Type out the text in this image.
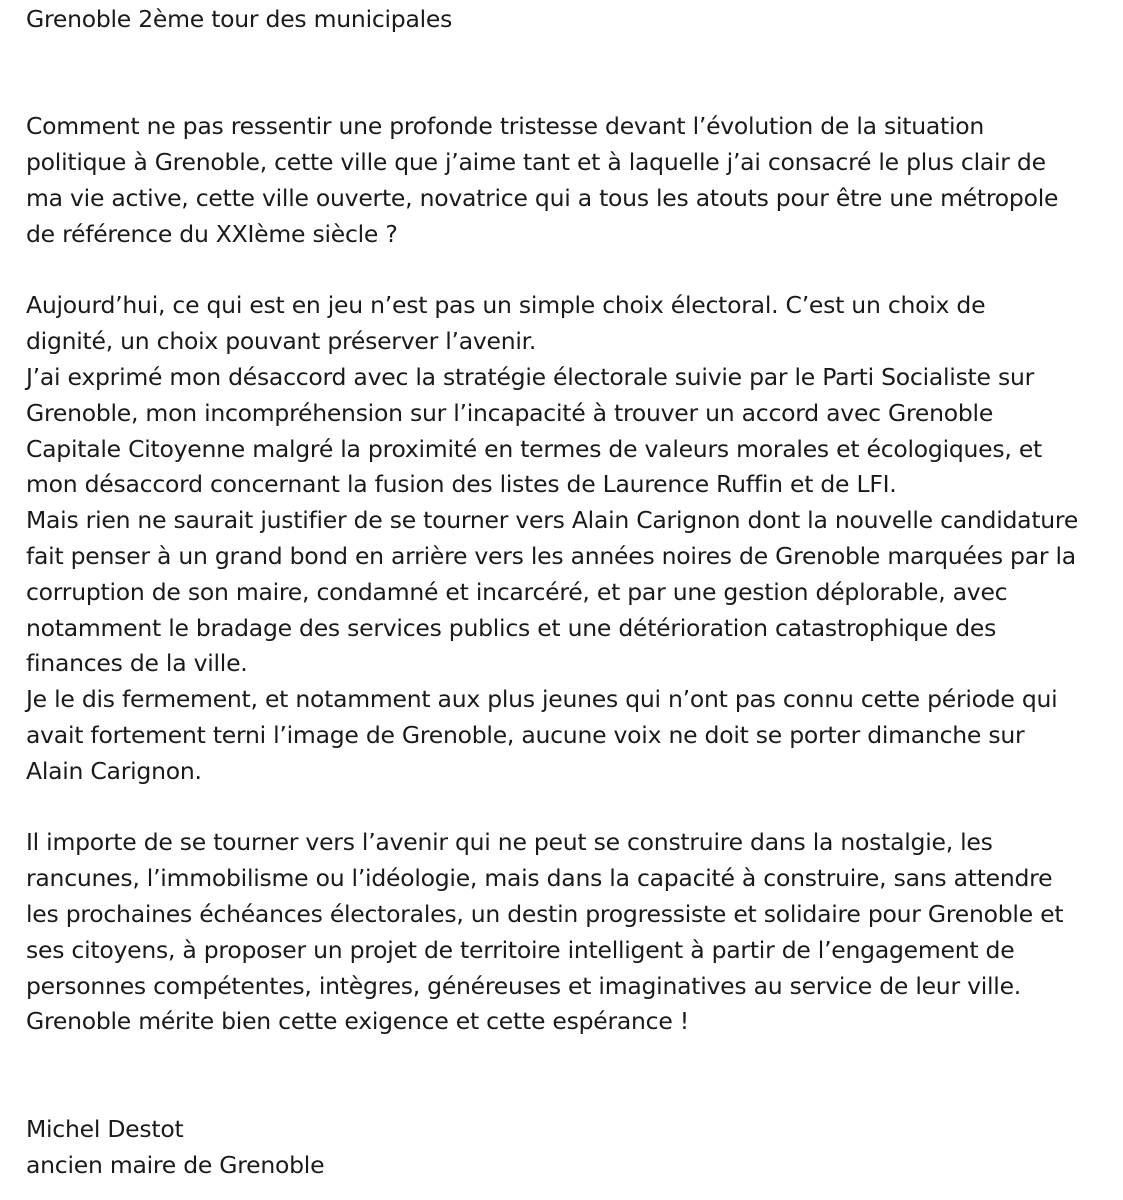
Grenoble 2ème tour des municipales
Comment ne pas ressentir une profonde tristesse devant l’évolution de la situation
politique à Grenoble, cette ville que j’aime tant et à laquelle j’ai consacré le plus clair de
ma vie active, cette ville ouverte, novatrice qui a tous les atouts pour être une métropole
de référence du XXIème siècle ?
Aujourd’hui, ce qui est en jeu n’est pas un simple choix électoral. C’est un choix de
dignité, un choix pouvant préserver l’avenir.
J’ai exprimé mon désaccord avec la stratégie électorale suivie par le Parti Socialiste sur
Grenoble, mon incompréhension sur l’incapacité à trouver un accord avec Grenoble
Capitale Citoyenne malgré la proximité en termes de valeurs morales et écologiques, et
mon désaccord concernant la fusion des listes de Laurence Ruffin et de LFI.
Mais rien ne saurait justifier de se tourner vers Alain Carignon dont la nouvelle candidature
fait penser à un grand bond en arrière vers les années noires de Grenoble marquées par la
corruption de son maire, condamné et incarcéré, et par une gestion déplorable, avec
notamment le bradage des services publics et une détérioration catastrophique des
finances de la ville.
Je le dis fermement, et notamment aux plus jeunes qui n’ont pas connu cette période qui
avait fortement terni l’image de Grenoble, aucune voix ne doit se porter dimanche sur
Alain Carignon.
Il importe de se tourner vers l’avenir qui ne peut se construire dans la nostalgie, les
rancunes, l’immobilisme ou l’idéologie, mais dans la capacité à construire, sans attendre
les prochaines échéances électorales, un destin progressiste et solidaire pour Grenoble et
ses citoyens, à proposer un projet de territoire intelligent à partir de l’engagement de
personnes compétentes, intègres, généreuses et imaginatives au service de leur ville.
Grenoble mérite bien cette exigence et cette espérance !
Michel Destot
ancien maire de Grenoble
